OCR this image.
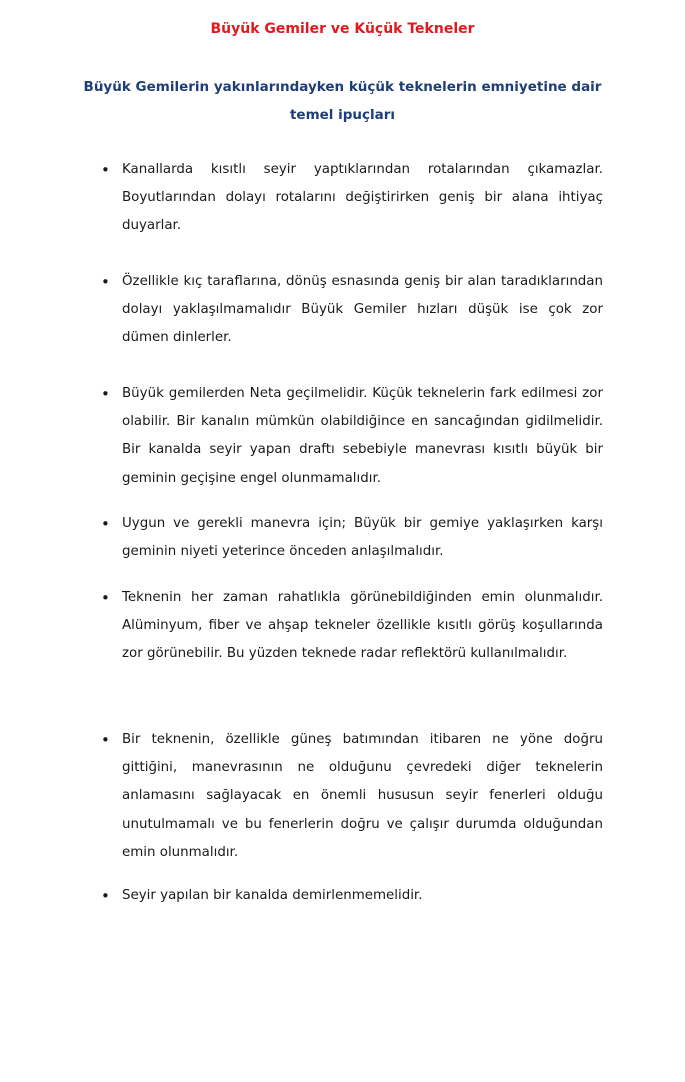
Büyük Gemiler ve Küçük Tekneler
Büyük Gemilerin yakınlarındayken küçük teknelerin emniyetine dair temel ipuçları
• Kanallarda kısıtlı seyir yaptıklarından rotalarından çıkamazlar. Boyutlarından dolayı rotalarını değiştirirken geniş bir alana ihtiyaç duyarlar.
• Özellikle kıç taraflarına, dönüş esnasında geniş bir alan taradıklarından dolayı yaklaşılmamalıdır Büyük Gemiler hızları düşük ise çok zor dümen dinlerler.
• Büyük gemilerden Neta geçilmelidir. Küçük teknelerin fark edilmesi zor olabilir. Bir kanalın mümkün olabildiğince en sancağından gidilmelidir. Bir kanalda seyir yapan draftı sebebiyle manevrası kısıtlı büyük bir geminin geçişine engel olunmamalıdır.
• Uygun ve gerekli manevra için; Büyük bir gemiye yaklaşırken karşı geminin niyeti yeterince önceden anlaşılmalıdır.
• Teknenin her zaman rahatlıkla görünebildiğinden emin olunmalıdır. Alüminyum, fiber ve ahşap tekneler özellikle kısıtlı görüş koşullarında zor görünebilir. Bu yüzden teknede radar reflektörü kullanılmalıdır.
• Bir teknenin, özellikle güneş batımından itibaren ne yöne doğru gittiğini, manevrasının ne olduğunu çevredeki diğer teknelerin anlamasını sağlayacak en önemli hususun seyir fenerleri olduğu unutulmamalı ve bu fenerlerin doğru ve çalışır durumda olduğundan emin olunmalıdır.
• Seyir yapılan bir kanalda demirlenmemelidir.
